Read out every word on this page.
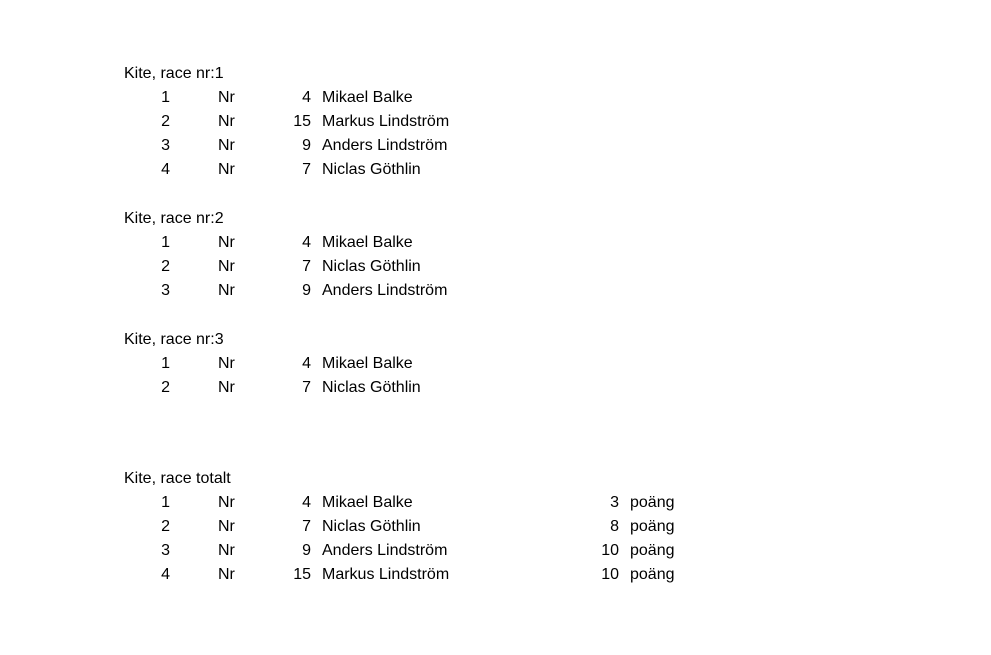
Kite, race nr:1
1	Nr	4 Mikael Balke
2	Nr	15 Markus Lindström
3	Nr	9 Anders Lindström
4	Nr	7 Niclas Göthlin
Kite, race nr:2
1	Nr	4 Mikael Balke
2	Nr	7 Niclas Göthlin
3	Nr	9 Anders Lindström
Kite, race nr:3
1	Nr	4 Mikael Balke
2	Nr	7 Niclas Göthlin
Kite, race totalt
1	Nr	4 Mikael Balke	3 poäng
2	Nr	7 Niclas Göthlin	8 poäng
3	Nr	9 Anders Lindström	10 poäng
4	Nr	15 Markus Lindström	10 poäng
